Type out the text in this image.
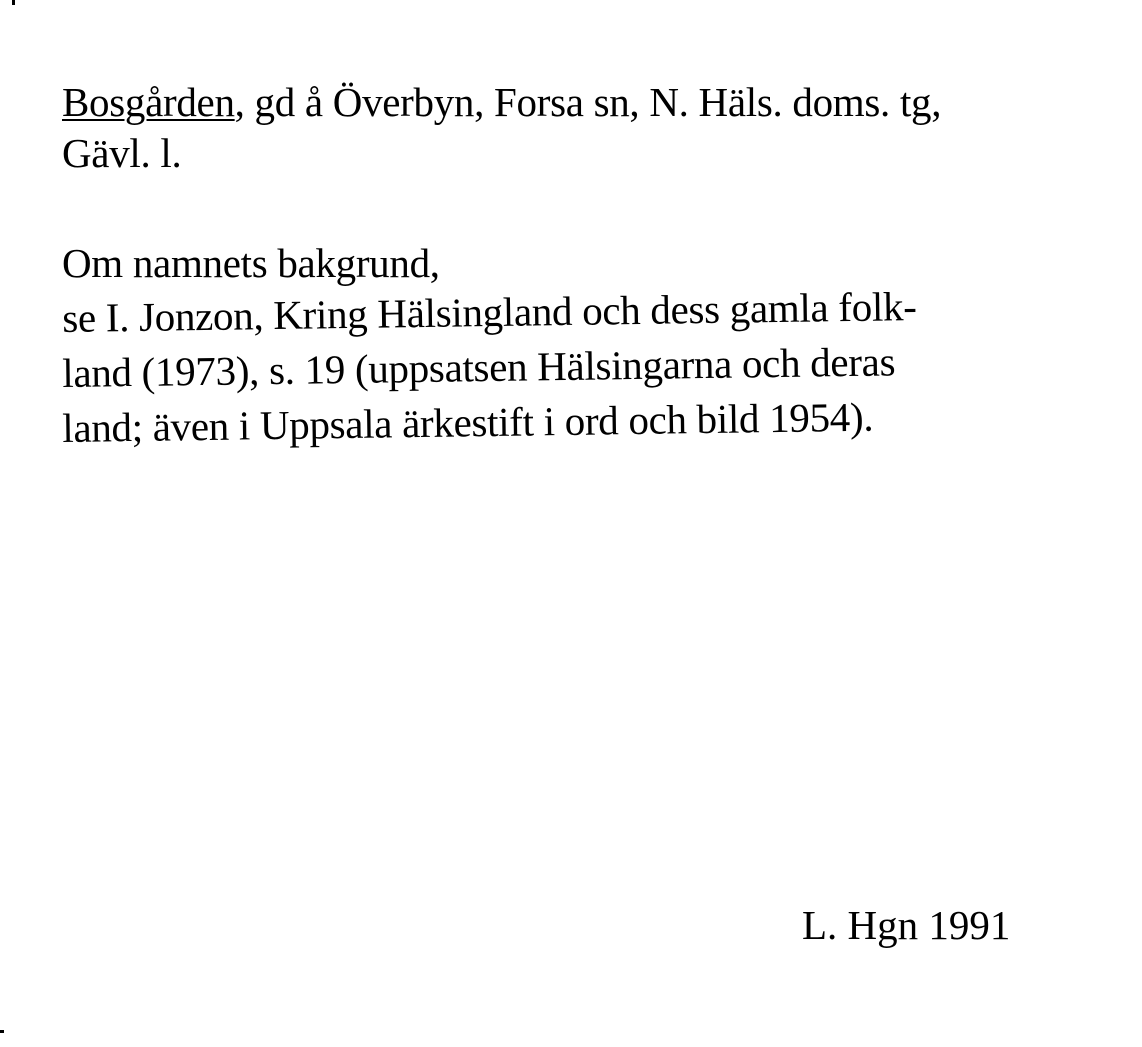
Bosgården, gd å Överbyn, Forsa sn, N. Häls. doms. tg,
Gävl. l.
Om namnets bakgrund,
se I. Jonzon, Kring Hälsingland och dess gamla folk-
land (1973), s. 19 (uppsatsen Hälsingarna och deras
land; även i Uppsala ärkestift i ord och bild 1954).
L. Hgn 1991
